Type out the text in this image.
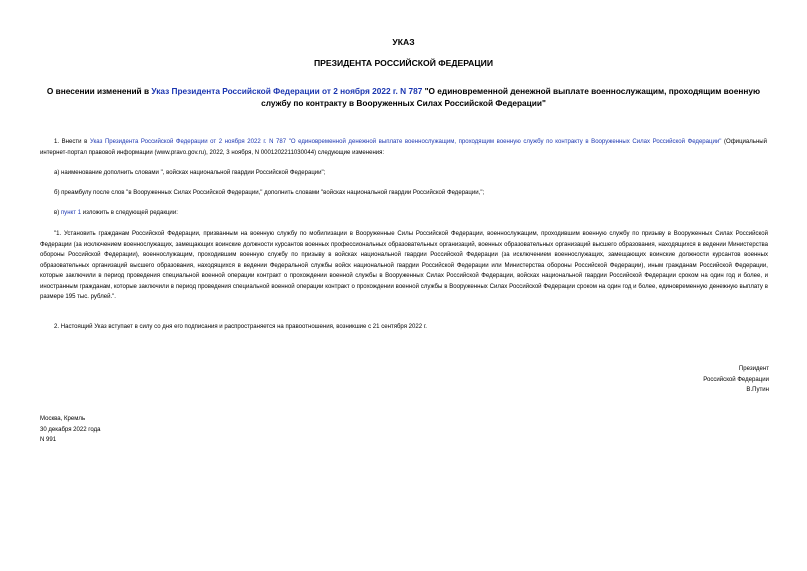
УКАЗ
ПРЕЗИДЕНТА РОССИЙСКОЙ ФЕДЕРАЦИИ
О внесении изменений в Указ Президента Российской Федерации от 2 ноября 2022 г. N 787 "О единовременной денежной выплате военнослужащим, проходящим военную службу по контракту в Вооруженных Силах Российской Федерации"
1. Внести в Указ Президента Российской Федерации от 2 ноября 2022 г. N 787 "О единовременной денежной выплате военнослужащим, проходящим военную службу по контракту в Вооруженных Силах Российской Федерации" (Официальный интернет-портал правовой информации (www.pravo.gov.ru), 2022, 3 ноября, N 0001202211030044) следующие изменения:
а) наименование дополнить словами ", войсках национальной гвардии Российской Федерации";
б) преамбулу после слов "в Вооруженных Силах Российской Федерации," дополнить словами "войсках национальной гвардии Российской Федерации,";
в) пункт 1 изложить в следующей редакции:
"1. Установить гражданам Российской Федерации, призванным на военную службу по мобилизации в Вооруженные Силы Российской Федерации, военнослужащим, проходившим военную службу по призыву в Вооруженных Силах Российской Федерации (за исключением военнослужащих, замещающих воинские должности курсантов военных профессиональных образовательных организаций, военных образовательных организаций высшего образования, находящихся в ведении Министерства обороны Российской Федерации), военнослужащим, проходившим военную службу по призыву в войсках национальной гвардии Российской Федерации (за исключением военнослужащих, замещающих воинские должности курсантов военных образовательных организаций высшего образования, находящихся в ведении Федеральной службы войск национальной гвардии Российской Федерации или Министерства обороны Российской Федерации), иным гражданам Российской Федерации, которые заключили в период проведения специальной военной операции контракт о прохождении военной службы в Вооруженных Силах Российской Федерации, войсках национальной гвардии Российской Федерации сроком на один год и более, и иностранным гражданам, которые заключили в период проведения специальной военной операции контракт о прохождении военной службы в Вооруженных Силах Российской Федерации сроком на один год и более, единовременную денежную выплату в размере 195 тыс. рублей.".
2. Настоящий Указ вступает в силу со дня его подписания и распространяется на правоотношения, возникшие с 21 сентября 2022 г.
Президент
Российской Федерации
В.Путин
Москва, Кремль
30 декабря 2022 года
N 991
